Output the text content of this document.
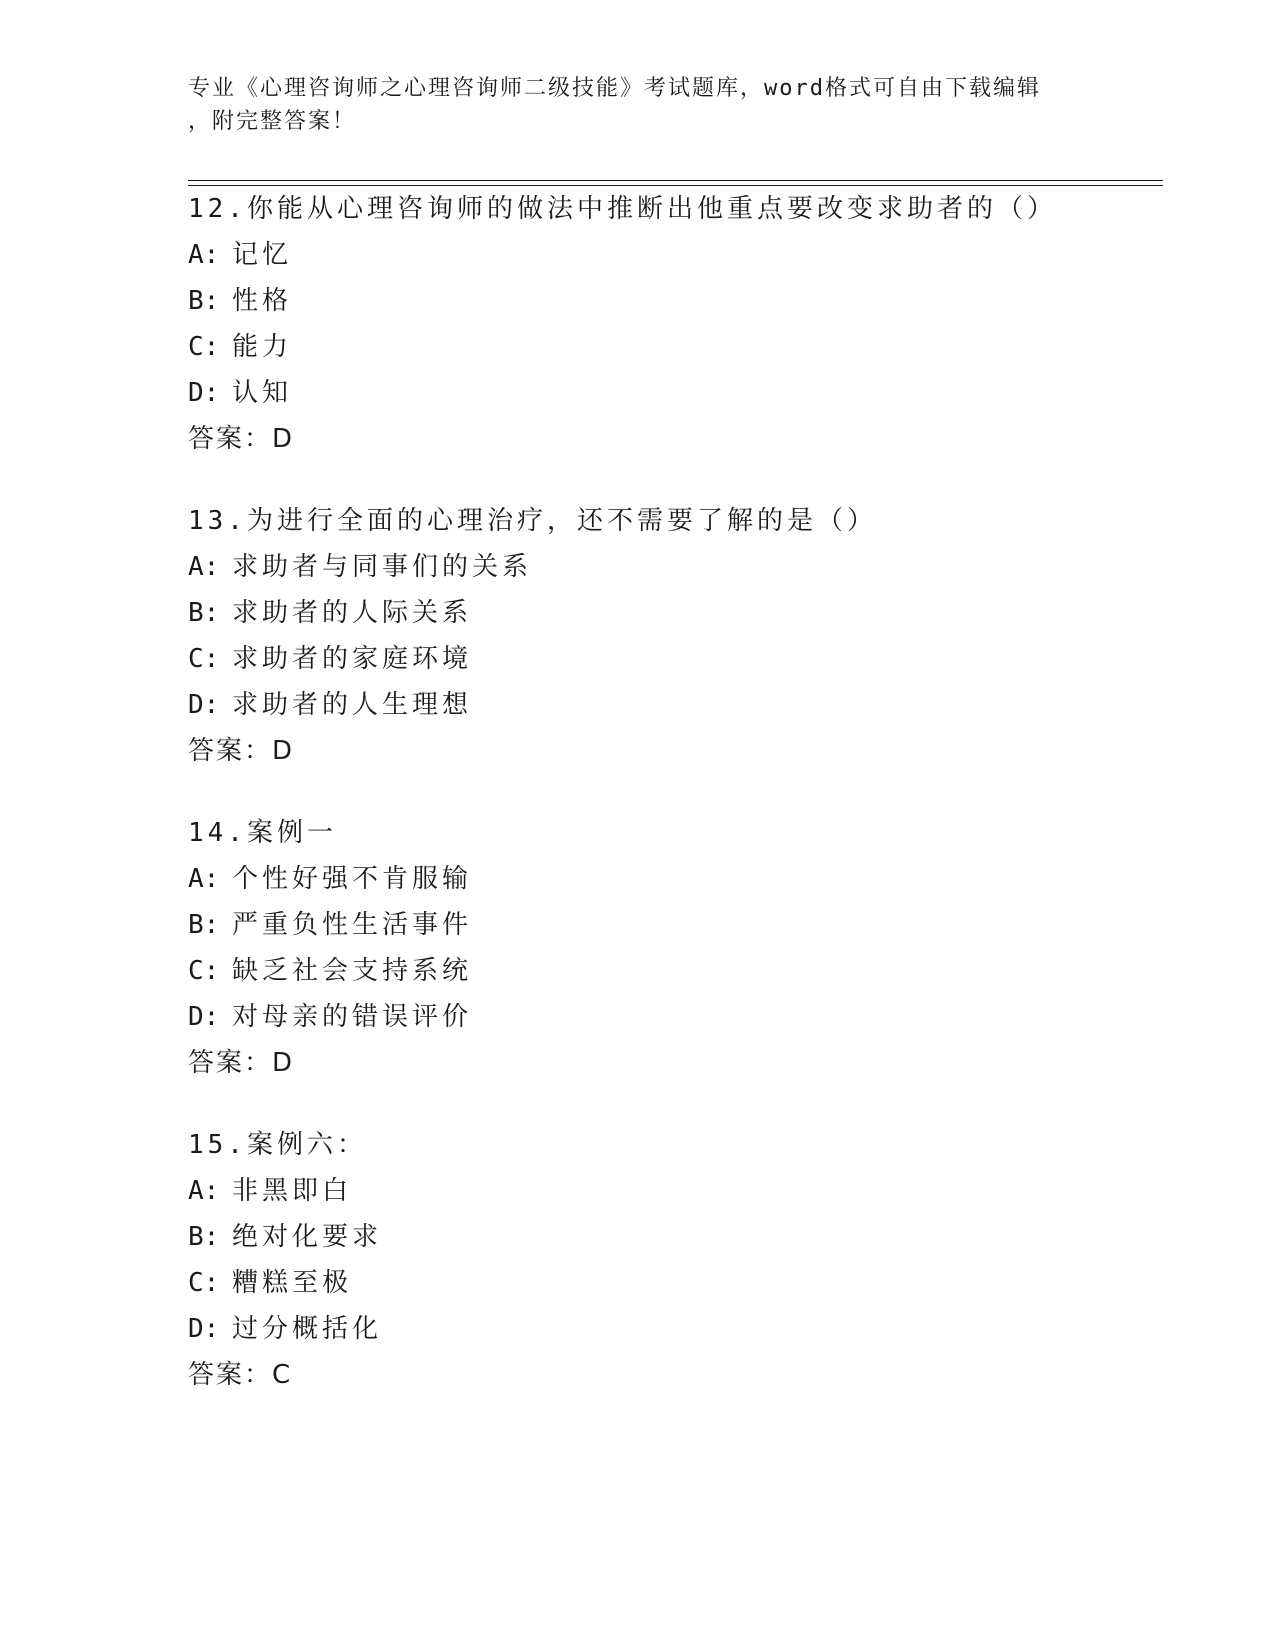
专业《心理咨询师之心理咨询师二级技能》考试题库，word格式可自由下载编辑
，附完整答案！
12.你能从心理咨询师的做法中推断出他重点要改变求助者的（）
A: 记忆
B: 性格
C: 能力
D: 认知
答案：D
13.为进行全面的心理治疗，还不需要了解的是（）
A: 求助者与同事们的关系
B: 求助者的人际关系
C: 求助者的家庭环境
D: 求助者的人生理想
答案：D
14.案例一
A: 个性好强不肯服输
B: 严重负性生活事件
C: 缺乏社会支持系统
D: 对母亲的错误评价
答案：D
15.案例六：
A: 非黑即白
B: 绝对化要求
C: 糟糕至极
D: 过分概括化
答案：C
